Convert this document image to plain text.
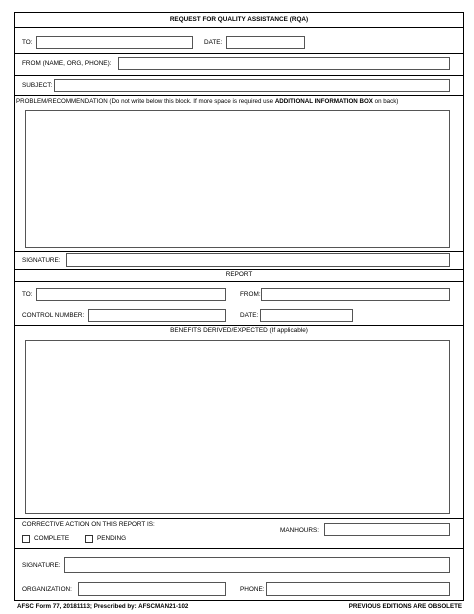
REQUEST FOR QUALITY ASSISTANCE (RQA)
TO:	DATE:
FROM (NAME, ORG, PHONE):
SUBJECT:
PROBLEM/RECOMMENDATION (Do not write below this block. If more space is required use ADDITIONAL INFORMATION BOX on back)
SIGNATURE:
REPORT
TO:	FROM:
CONTROL NUMBER:	DATE:
BENEFITS DERIVED/EXPECTED (If applicable)
CORRECTIVE ACTION ON THIS REPORT IS:
COMPLETE	PENDING
MANHOURS:
SIGNATURE:
ORGANIZATION:	PHONE:
AFSC Form 77, 20181113; Prescribed by: AFSCMAN21-102	PREVIOUS EDITIONS ARE OBSOLETE
